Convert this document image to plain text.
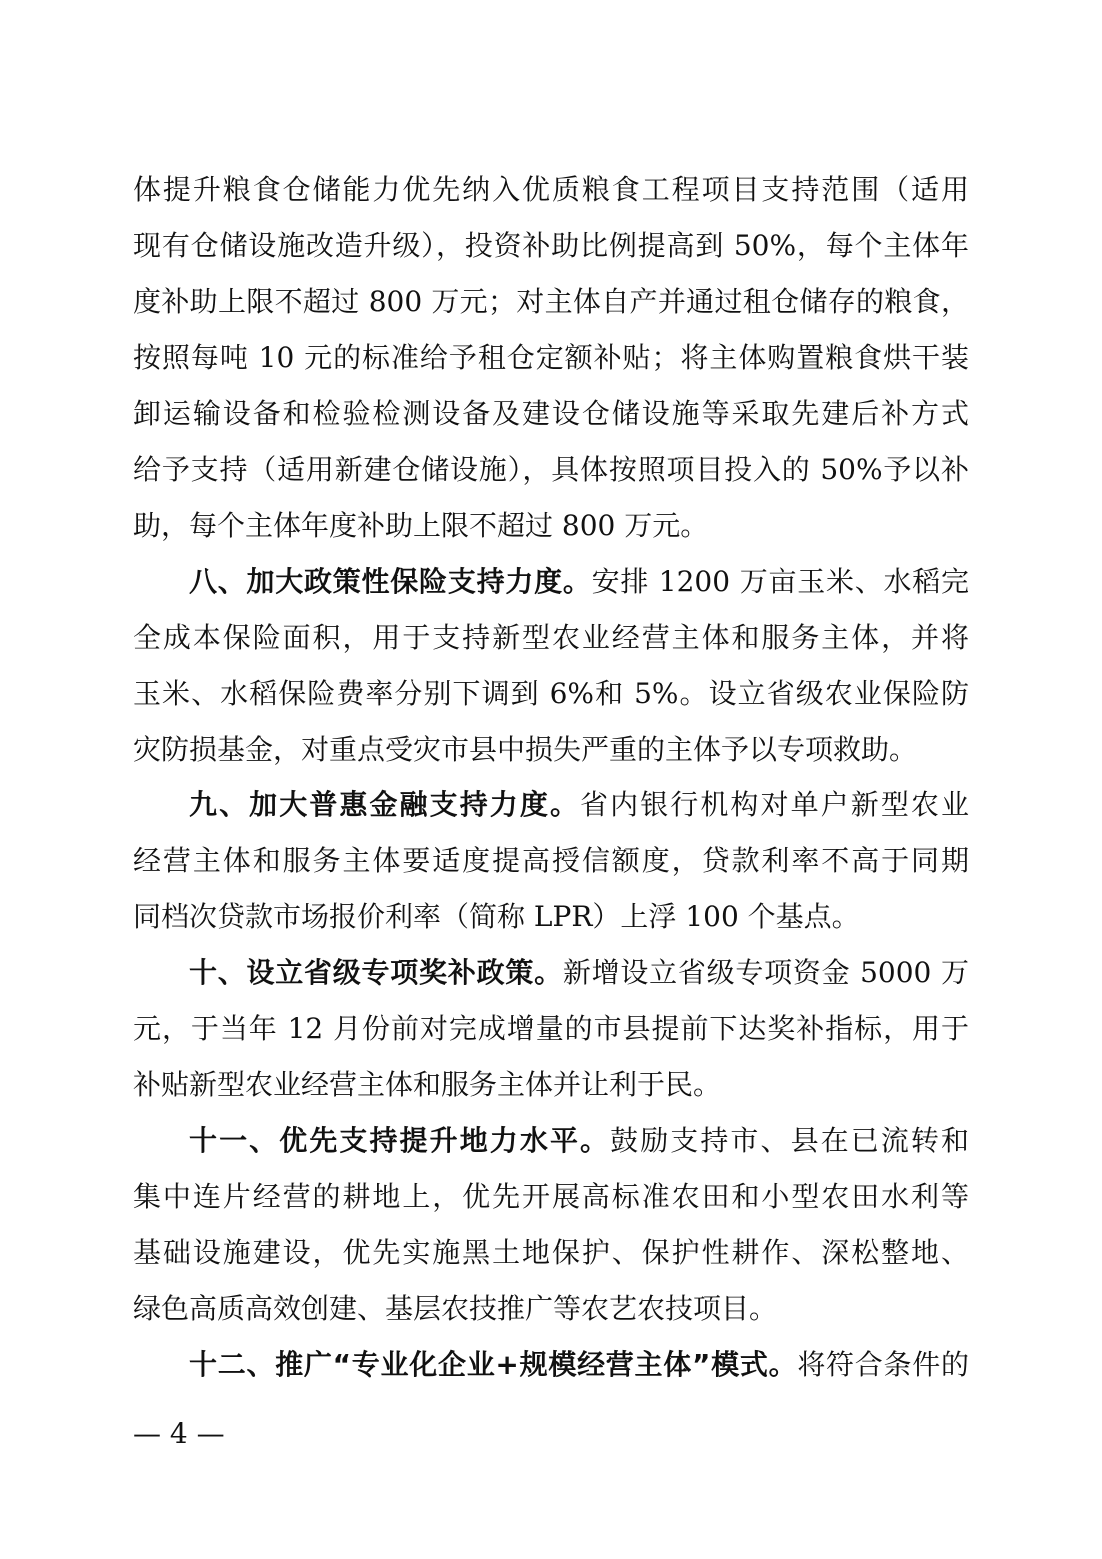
体提升粮食仓储能力优先纳入优质粮食工程项目支持范围（适用
现有仓储设施改造升级），投资补助比例提高到 50%，每个主体年
度补助上限不超过 800 万元；对主体自产并通过租仓储存的粮食，
按照每吨 10 元的标准给予租仓定额补贴；将主体购置粮食烘干装
卸运输设备和检验检测设备及建设仓储设施等采取先建后补方式
给予支持（适用新建仓储设施），具体按照项目投入的 50%予以补
助，每个主体年度补助上限不超过 800 万元。
八、加大政策性保险支持力度。安排 1200 万亩玉米、水稻完
全成本保险面积，用于支持新型农业经营主体和服务主体，并将
玉米、水稻保险费率分别下调到 6%和 5%。设立省级农业保险防
灾防损基金，对重点受灾市县中损失严重的主体予以专项救助。
九、加大普惠金融支持力度。省内银行机构对单户新型农业
经营主体和服务主体要适度提高授信额度，贷款利率不高于同期
同档次贷款市场报价利率（简称 LPR）上浮 100 个基点。
十、设立省级专项奖补政策。新增设立省级专项资金 5000 万
元，于当年 12 月份前对完成增量的市县提前下达奖补指标，用于
补贴新型农业经营主体和服务主体并让利于民。
十一、优先支持提升地力水平。鼓励支持市、县在已流转和
集中连片经营的耕地上，优先开展高标准农田和小型农田水利等
基础设施建设，优先实施黑土地保护、保护性耕作、深松整地、
绿色高质高效创建、基层农技推广等农艺农技项目。
十二、推广“专业化企业+规模经营主体”模式。将符合条件的
— 4 —
